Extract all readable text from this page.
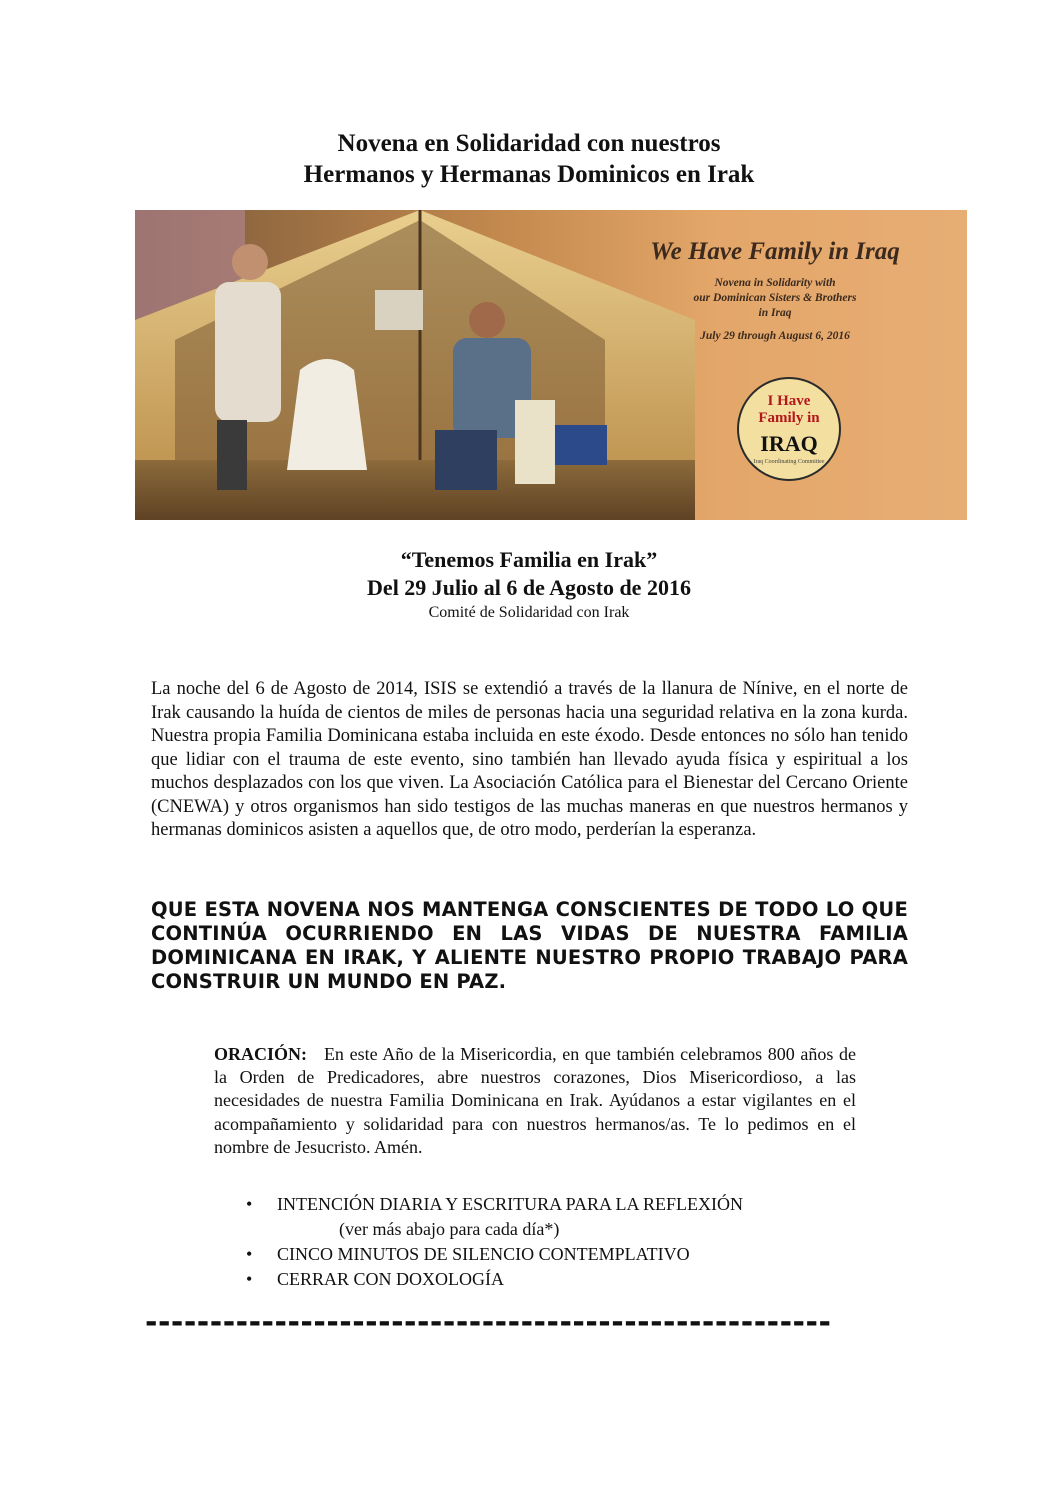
Novena en Solidaridad con nuestros
Hermanos y Hermanas Dominicos en Irak
We Have Family in Iraq
Novena in Solidarity with
our Dominican Sisters & Brothers
in Iraq
July 29 through August 6, 2016
I Have
Family in
IRAQ
Iraq Coordinating Committee
“Tenemos Familia en Irak”
Del 29 Julio al 6 de Agosto de 2016
Comité de Solidaridad con Irak

La noche del 6 de Agosto de 2014, ISIS se extendió a través de la llanura de Nínive, en el norte de Irak causando la huída de cientos de miles de personas hacia una seguridad relativa en la zona kurda. Nuestra propia Familia Dominicana estaba incluida en este éxodo. Desde entonces no sólo han tenido que lidiar con el trauma de este evento, sino también han llevado ayuda física y espiritual a los muchos desplazados con los que viven. La Asociación Católica para el Bienestar del Cercano Oriente (CNEWA) y otros organismos han sido testigos de las muchas maneras en que nuestros hermanos y hermanas dominicos asisten a aquellos que, de otro modo, perderían la esperanza.

QUE ESTA NOVENA NOS MANTENGA CONSCIENTES DE TODO LO QUE CONTINÚA OCURRIENDO EN LAS VIDAS DE NUESTRA FAMILIA DOMINICANA EN IRAK, Y ALIENTE NUESTRO PROPIO TRABAJO PARA CONSTRUIR UN MUNDO EN PAZ.

ORACIÓN: En este Año de la Misericordia, en que también celebramos 800 años de la Orden de Predicadores, abre nuestros corazones, Dios Misericordioso, a las necesidades de nuestra Familia Dominicana en Irak. Ayúdanos a estar vigilantes en el acompañamiento y solidaridad para con nuestros hermanos/as. Te lo pedimos en el nombre de Jesucristo. Amén.

• INTENCIÓN DIARIA Y ESCRITURA PARA LA REFLEXIÓN
(ver más abajo para cada día*)
• CINCO MINUTOS DE SILENCIO CONTEMPLATIVO
• CERRAR CON DOXOLOGÍA
-----------------------------------------------------
